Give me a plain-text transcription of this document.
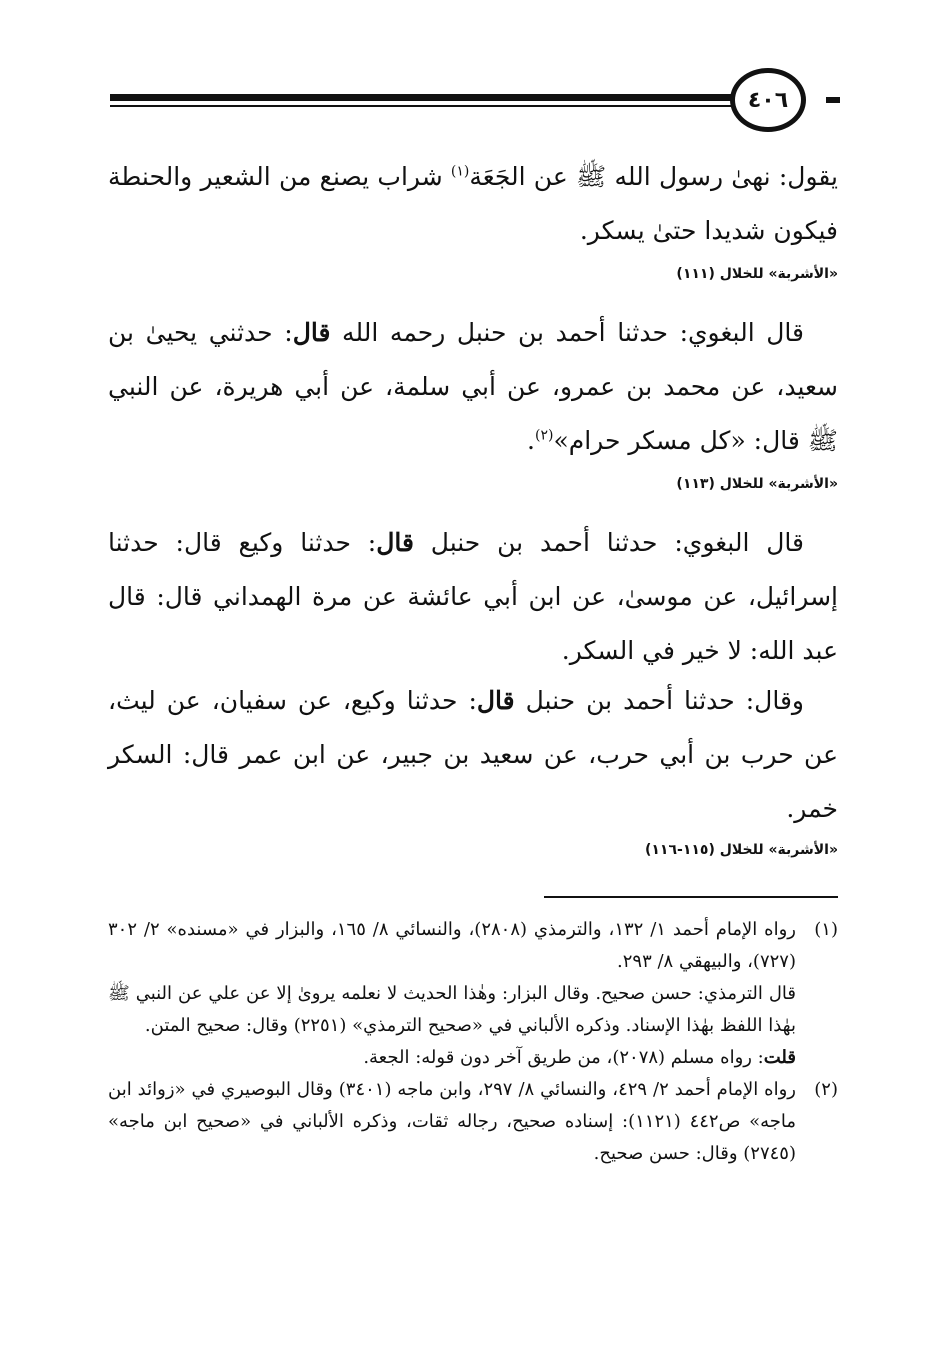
٤٠٦
يقول: نهىٰ رسول الله ﷺ عن الجَعَة$^{(١)}$ شراب يصنع من الشعير والحنطة فيكون شديدا حتىٰ يسكر.
«الأشربة» للخلال (١١١)
قال البغوي: حدثنا أحمد بن حنبل رحمه الله قال: حدثني يحيىٰ بن سعيد، عن محمد بن عمرو، عن أبي سلمة، عن أبي هريرة، عن النبي ﷺ قال: «كل مسكر حرام»$^{(٢)}$.
«الأشربة» للخلال (١١٣)
قال البغوي: حدثنا أحمد بن حنبل قال: حدثنا وكيع قال: حدثنا إسرائيل، عن موسىٰ، عن ابن أبي عائشة عن مرة الهمداني قال: قال عبد الله: لا خير في السكر.
وقال: حدثنا أحمد بن حنبل قال: حدثنا وكيع، عن سفيان، عن ليث، عن حرب بن أبي حرب، عن سعيد بن جبير، عن ابن عمر قال: السكر خمر.
«الأشربة» للخلال (١١٥-١١٦)
(١)

رواه الإمام أحمد ١/ ١٣٢، والترمذي (٢٨٠٨)، والنسائي ٨/ ١٦٥، والبزار في «مسنده» ٢/ ٣٠٢ (٧٢٧)، والبيهقي ٨/ ٢٩٣.

قال الترمذي: حسن صحيح. وقال البزار: وهٰذا الحديث لا نعلمه يروىٰ إلا عن علي عن النبي ﷺ بهٰذا اللفظ بهٰذا الإسناد. وذكره الألباني في «صحيح الترمذي» (٢٢٥١) وقال: صحيح المتن.

قلت: رواه مسلم (٢٠٧٨)، من طريق آخر دون قوله: الجعة.

(٢)

رواه الإمام أحمد ٢/ ٤٢٩، والنسائي ٨/ ٢٩٧، وابن ماجه (٣٤٠١) وقال البوصيري في «زوائد ابن ماجه» ص٤٤٢ (١١٢١): إسناده صحيح، رجاله ثقات، وذكره الألباني في «صحيح ابن ماجه» (٢٧٤٥) وقال: حسن صحيح.
